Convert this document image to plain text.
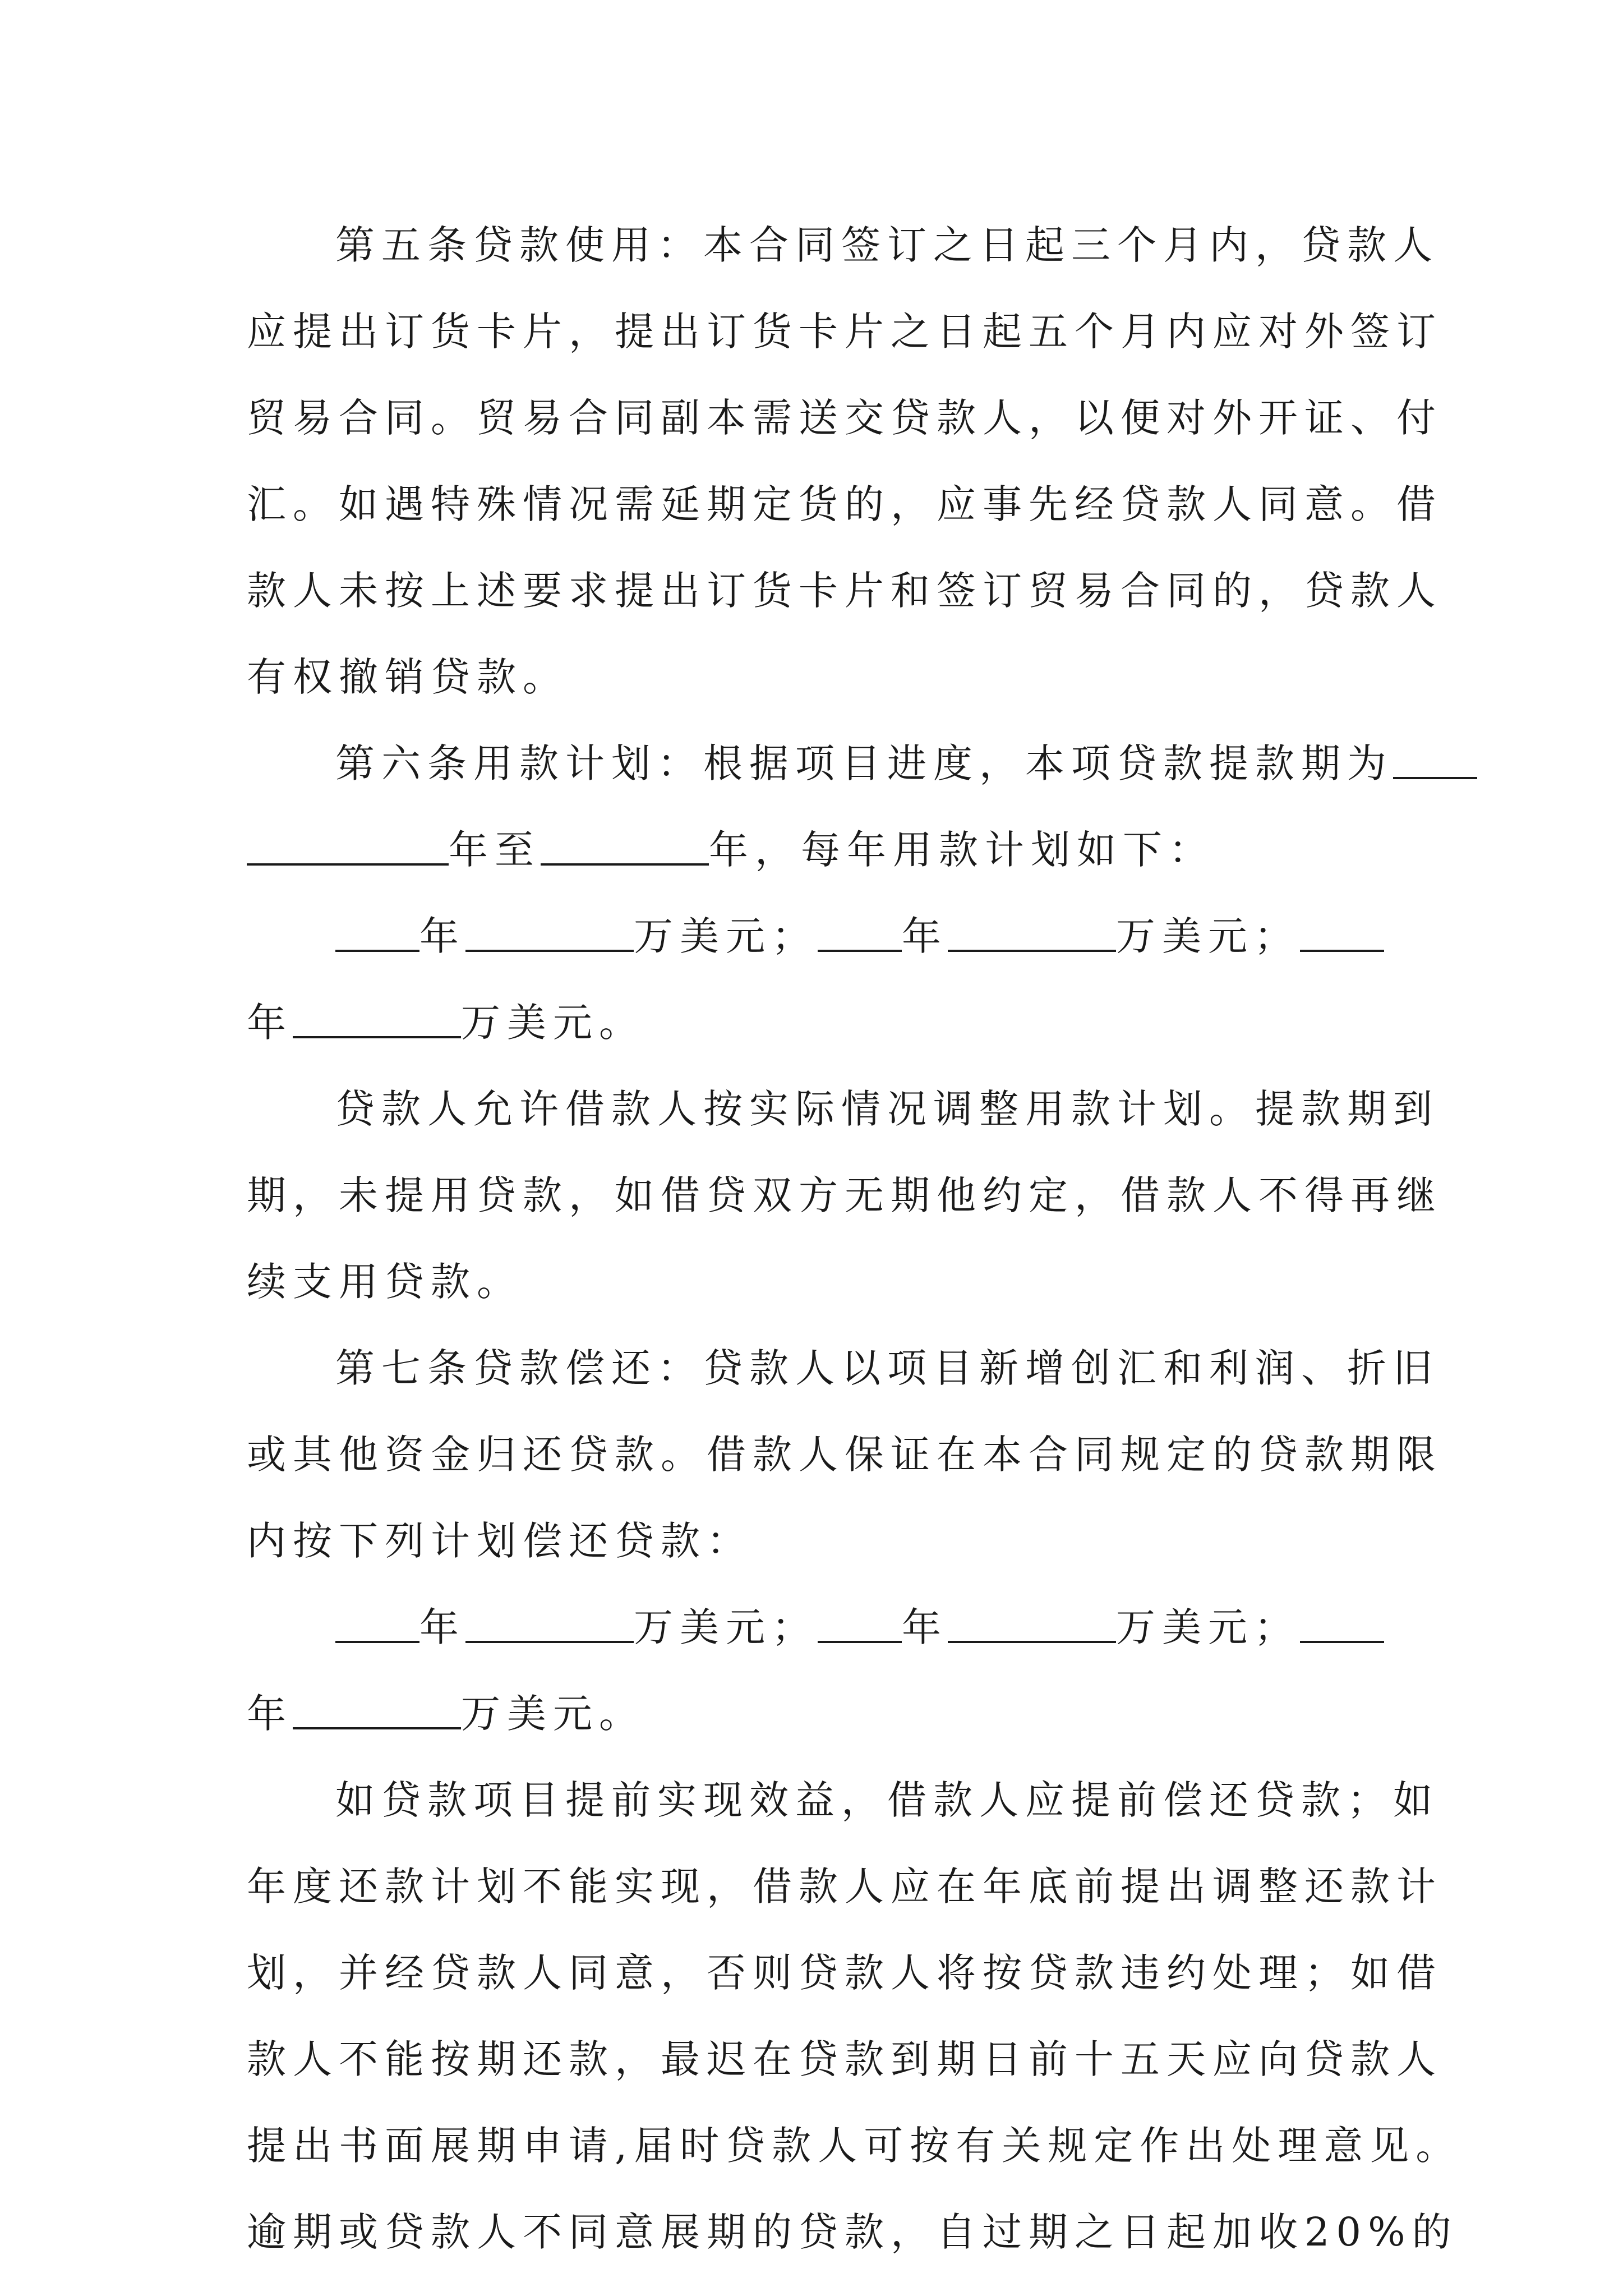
第五条贷款使用：本合同签订之日起三个月内，贷款人
应提出订货卡片，提出订货卡片之日起五个月内应对外签订
贸易合同。贸易合同副本需送交贷款人，以便对外开证、付
汇。如遇特殊情况需延期定货的，应事先经贷款人同意。借
款人未按上述要求提出订货卡片和签订贸易合同的，贷款人
有权撤销贷款。
第六条用款计划：根据项目进度，本项贷款提款期为
年至	年，每年用款计划如下：
年	万美元； 年	万美元；
年	万美元。
贷款人允许借款人按实际情况调整用款计划。提款期到
期，未提用贷款，如借贷双方无期他约定，借款人不得再继
续支用贷款。
第七条贷款偿还：贷款人以项目新增创汇和利润、折旧
或其他资金归还贷款。借款人保证在本合同规定的贷款期限
内按下列计划偿还贷款：
年	万美元； 年	万美元；
年	万美元。
如贷款项目提前实现效益，借款人应提前偿还贷款；如
年度还款计划不能实现，借款人应在年底前提出调整还款计
划，并经贷款人同意，否则贷款人将按贷款违约处理；如借
款人不能按期还款，最迟在贷款到期日前十五天应向贷款人
提出书面展期申请,届时贷款人可按有关规定作出处理意见。
逾期或贷款人不同意展期的贷款，自过期之日起加收20%的
